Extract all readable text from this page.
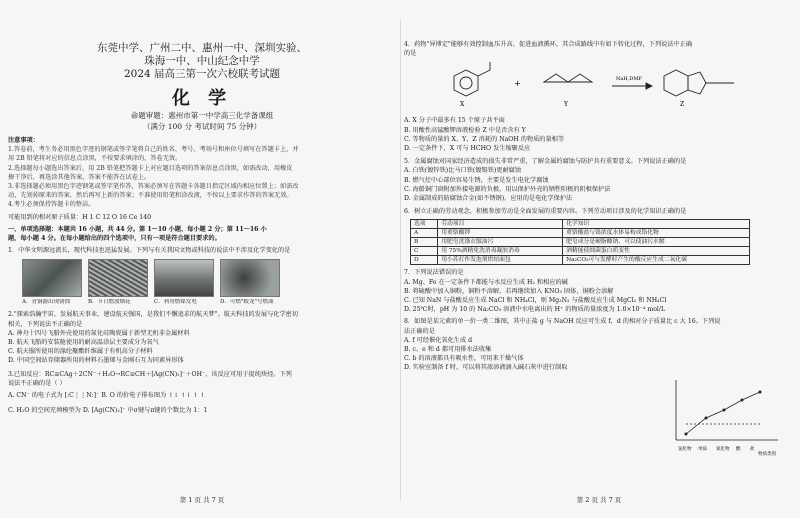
东莞中学、广州二中、惠州一中、深圳实验、
珠海一中、中山纪念中学
2024 届高三第一次六校联考试题
化 学
命题审题：惠州市第一中学高三化学备课组
（满分 100 分 考试时间 75 分钟）
注意事项：
1.答卷前，考生务必用黑色字迹的钢笔或签字笔将自己的姓名、考号、考场号和座位号填写在答题卡上，并
用 2B 铅笔将对应的信息点涂黑，不按要求填涂的，答卷无效。
2.选择题每小题选出答案后，用 2B 铅笔把答题卡上对应题目选项的答案信息点涂黑，如需改动，用橡皮
擦干净后，再选涂其他答案，答案不能答在试卷上。
3.非选择题必须用黑色字迹钢笔或签字笔作答，答案必须写在答题卡各题目指定区域内相应位置上；如需改
动，先划掉原来的答案，然后再写上新的答案；不准使用铅笔和涂改液，不按以上要求作答的答案无效。
4.考生必须保持答题卡的整洁。
可能用到的相对原子质量：H 1 C 12 O 16 Ce 140
一、单项选择题：本题共 16 小题，共 44 分。第 1～10 小题，每小题 2 分；第 11～16 小
题，每小题 4 分。在每小题给出的四个选项中，只有一项是符合题目要求的。
1．中华文明源远流长，现代科技也迅猛发展。下列与有关我国文物或科技的说法中不涉及化学变化的是
A．青铜器出现锈蚀	B．节日燃放烟花	C．利用燃煤发电	D．可燃"蛟龙"号燃油
2."探索浩瀚宇宙，发展航天事业，建设航天强国，是我们不懈追求的航天梦"。航天科技的发展与化学密切
相关，下列说法不正确的是
A. 神舟十四号飞船外壳使用的氮化硅陶瓷属于新型无机非金属材料
B. 航天飞船的安装舱使用的耐高温涂层主要成分为氧气
C. 航天服所使用的涤纶聚酯纤维属于有机高分子材料
D. 中国空间站存储器所用的材料石墨烯与金刚石互为同素异形体
3.已知反应：RC≡CAg＋2CN⁻＋H₂O→RC≡CH＋[Ag(CN)₂]⁻＋OH⁻，该反应可用于提纯炔烃。下列
说法不正确的是（ ）
A. CN⁻ 的电子式为 [:C⋮⋮N:]⁻ B. O 的价电子排布图为 ↿⇂ ↿⇂ ↿ ↿
C. H₂O 的空间充填模型为 D. [Ag(CN)₂]⁻ 中σ键与π键的个数比为 1：1
第 1 页 共 7 页
4．药物"异博定"能够有效控制血压升高、促进血液循环，其合成路线中有如下转化过程，下列说法中正确
的是
X	Y	Z
NaH,DMF
+
A. X 分子中最多有 15 个原子共平面
B. 用酸性高锰酸钾溶液检验 Z 中是否含有 Y
C. 等物质的量的 X、Y、Z 消耗的 NaOH 的物质的量相等
D. 一定条件下，X 可与 HCHO 发生缩聚反应
5．金属腐蚀对国家经济造成的损失非常严重，了解金属的腐蚀与防护具有重要意义。下列说法正确的是
A. 白铁(镀锌铁)比马口铁(镀锡铁)更耐腐蚀
B. 燃气灶中心部位容易生锈，主要是发生电化学腐蚀
C. 海船铜门窗附加外接电源的负极，用以保护外壳的牺牲阳极的阴极保护法
D. 金属制成的防腐蚀合金(如不锈钢)，应用的是电化学保护法
6．树立正确的劳动观念，积极参加劳动是全面发展的重要内容。下列劳动项目涉及的化学知识正确的是
选项	劳动项目	化学知识
A	用重铬酸钾	重铬酸盐与铬浓度水体易构成铬化物
B	用肥皂洗涤衣服油污	肥皂成分是硬脂酸钠，可以使油污水解
C	用 75%酒精免洗消毒凝胶消毒	酒精能使细菌蛋白质变性
D	用小苏打作发泡剂烘焙面包	Na₂CO₃可与发酵时产生的酸反应生成二氧化碳
7．下列说法错误的是
A. Mg、Fe 在一定条件下都能与水反应生成 H₂ 和相应的碱
B. 将硫酸中加入铜粉，铜粉不溶解，若再继续加入 KNO₃ 固体，铜粉会溶解
C. 已知 NaN 与盐酸反应生成 NaCl 和 NH₄Cl，则 Mg₃N₂ 与盐酸反应生成 MgCl₂ 和 NH₄Cl
D. 25℃时，pH 为 10 的 Na₂CO₃ 溶液中水电离出的 H⁺ 的物质的量浓度为 1.0×10⁻⁴ mol/L
8．如图是某元素的单一价一类二维图，其中正盐 g 与 NaOH 反应可生成 f，d 的相对分子质量比 c 大 16。下列说
法正确的是
A. f 可经催化氧化生成 d
B. c、e 和 d 都可用排水法收集
C. b 的溶液都具有吸水性，可用来干燥气体
D. 实验室制备 f 时，可以将其浓溶液滴入碱石灰中进行制取
氢化物 单质 氧化物 酸 盐
物质类别
第 2 页 共 7 页
